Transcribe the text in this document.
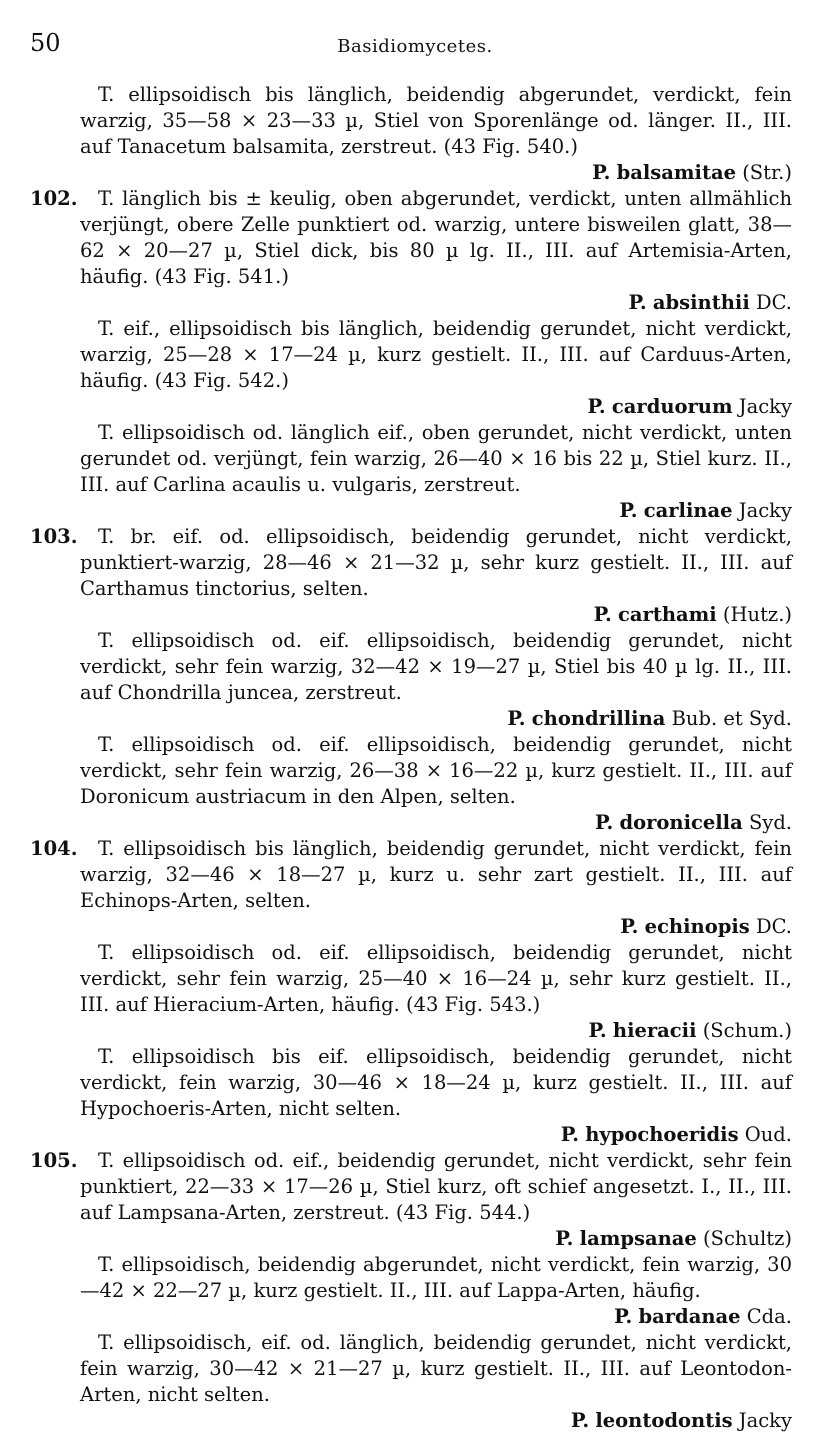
50	Basidiomycetes.

T. ellipsoidisch bis länglich, beidendig abgerundet, verdickt, fein warzig, 35—58 × 23—33 µ, Stiel von Sporenlänge od. länger. II., III. auf Tanacetum balsamita, zerstreut. (43 Fig. 540.)

P. balsamitae (Str.)

102. T. länglich bis ± keulig, oben abgerundet, verdickt, unten allmählich verjüngt, obere Zelle punktiert od. warzig, untere bisweilen glatt, 38—62 × 20—27 µ, Stiel dick, bis 80 µ lg. II., III. auf Artemisia-Arten, häufig. (43 Fig. 541.)

P. absinthii DC.

T. eif., ellipsoidisch bis länglich, beidendig gerundet, nicht verdickt, warzig, 25—28 × 17—24 µ, kurz gestielt. II., III. auf Carduus-Arten, häufig. (43 Fig. 542.)

P. carduorum Jacky

T. ellipsoidisch od. länglich eif., oben gerundet, nicht verdickt, unten gerundet od. verjüngt, fein warzig, 26—40 × 16 bis 22 µ, Stiel kurz. II., III. auf Carlina acaulis u. vulgaris, zerstreut.

P. carlinae Jacky

103. T. br. eif. od. ellipsoidisch, beidendig gerundet, nicht verdickt, punktiert-warzig, 28—46 × 21—32 µ, sehr kurz gestielt. II., III. auf Carthamus tinctorius, selten.

P. carthami (Hutz.)

T. ellipsoidisch od. eif. ellipsoidisch, beidendig gerundet, nicht verdickt, sehr fein warzig, 32—42 × 19—27 µ, Stiel bis 40 µ lg. II., III. auf Chondrilla juncea, zerstreut.

P. chondrillina Bub. et Syd.

T. ellipsoidisch od. eif. ellipsoidisch, beidendig gerundet, nicht verdickt, sehr fein warzig, 26—38 × 16—22 µ, kurz gestielt. II., III. auf Doronicum austriacum in den Alpen, selten.

P. doronicella Syd.

104. T. ellipsoidisch bis länglich, beidendig gerundet, nicht verdickt, fein warzig, 32—46 × 18—27 µ, kurz u. sehr zart gestielt. II., III. auf Echinops-Arten, selten.

P. echinopis DC.

T. ellipsoidisch od. eif. ellipsoidisch, beidendig gerundet, nicht verdickt, sehr fein warzig, 25—40 × 16—24 µ, sehr kurz gestielt. II., III. auf Hieracium-Arten, häufig. (43 Fig. 543.)

P. hieracii (Schum.)

T. ellipsoidisch bis eif. ellipsoidisch, beidendig gerundet, nicht verdickt, fein warzig, 30—46 × 18—24 µ, kurz gestielt. II., III. auf Hypochoeris-Arten, nicht selten.

P. hypochoeridis Oud.

105. T. ellipsoidisch od. eif., beidendig gerundet, nicht verdickt, sehr fein punktiert, 22—33 × 17—26 µ, Stiel kurz, oft schief angesetzt. I., II., III. auf Lampsana-Arten, zerstreut. (43 Fig. 544.)

P. lampsanae (Schultz)

T. ellipsoidisch, beidendig abgerundet, nicht verdickt, fein warzig, 30—42 × 22—27 µ, kurz gestielt. II., III. auf Lappa-Arten, häufig.

P. bardanae Cda.

T. ellipsoidisch, eif. od. länglich, beidendig gerundet, nicht verdickt, fein warzig, 30—42 × 21—27 µ, kurz gestielt. II., III. auf Leontodon-Arten, nicht selten.

P. leontodontis Jacky
